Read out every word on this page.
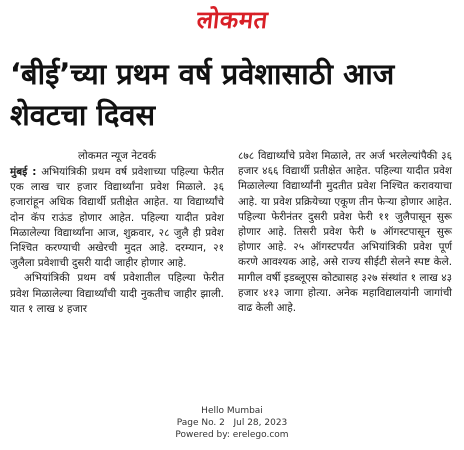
लोकमत
‘बीई’च्या प्रथम वर्ष प्रवेशासाठी आज शेवटचा दिवस
लोकमत न्यूज नेटवर्क

मुंबई : अभियांत्रिकी प्रथम वर्ष प्रवेशाच्या पहिल्या फेरीत एक लाख चार हजार विद्यार्थ्यांना प्रवेश मिळाले. ३६ हजारांहून अधिक विद्यार्थी प्रतीक्षेत आहेत. या विद्यार्थ्यांचे दोन कॅप राऊंड होणार आहेत. पहिल्या यादीत प्रवेश मिळालेल्या विद्यार्थ्यांना आज, शुक्रवार, २८ जुलै ही प्रवेश निश्चित करण्याची अखेरची मुदत आहे. दरम्यान, २१ जुलैला प्रवेशाची दुसरी यादी जाहीर होणार आहे.

अभियांत्रिकी प्रथम वर्ष प्रवेशातील पहिल्या फेरीत प्रवेश मिळालेल्या विद्यार्थ्यांची यादी नुकतीच जाहीर झाली. यात १ लाख ४ हजार

८७८ विद्यार्थ्यांचे प्रवेश मिळाले, तर अर्ज भरलेल्यांपैकी ३६ हजार ४६६ विद्यार्थी प्रतीक्षेत आहेत. पहिल्या यादीत प्रवेश मिळालेल्या विद्यार्थ्यांनी मुदतीत प्रवेश निश्चित करावयाचा आहे. या प्रवेश प्रक्रियेच्या एकूण तीन फेऱ्या होणार आहेत. पहिल्या फेरीनंतर दुसरी प्रवेश फेरी ११ जुलैपासून सुरू होणार आहे. तिसरी प्रवेश फेरी ७ ऑगस्टपासून सुरू होणार आहे. २५ ऑगस्टपर्यंत अभियांत्रिकी प्रवेश पूर्ण करणे आवश्यक आहे, असे राज्य सीईटी सेलने स्पष्ट केले. मागील वर्षी इडब्लूएस कोट्यासह ३२७ संस्थांत १ लाख ४३ हजार ४१३ जागा होत्या. अनेक महाविद्यालयांनी जागांची वाढ केली आहे.

Hello Mumbai
Page No. 2 Jul 28, 2023
Powered by: erelego.com
